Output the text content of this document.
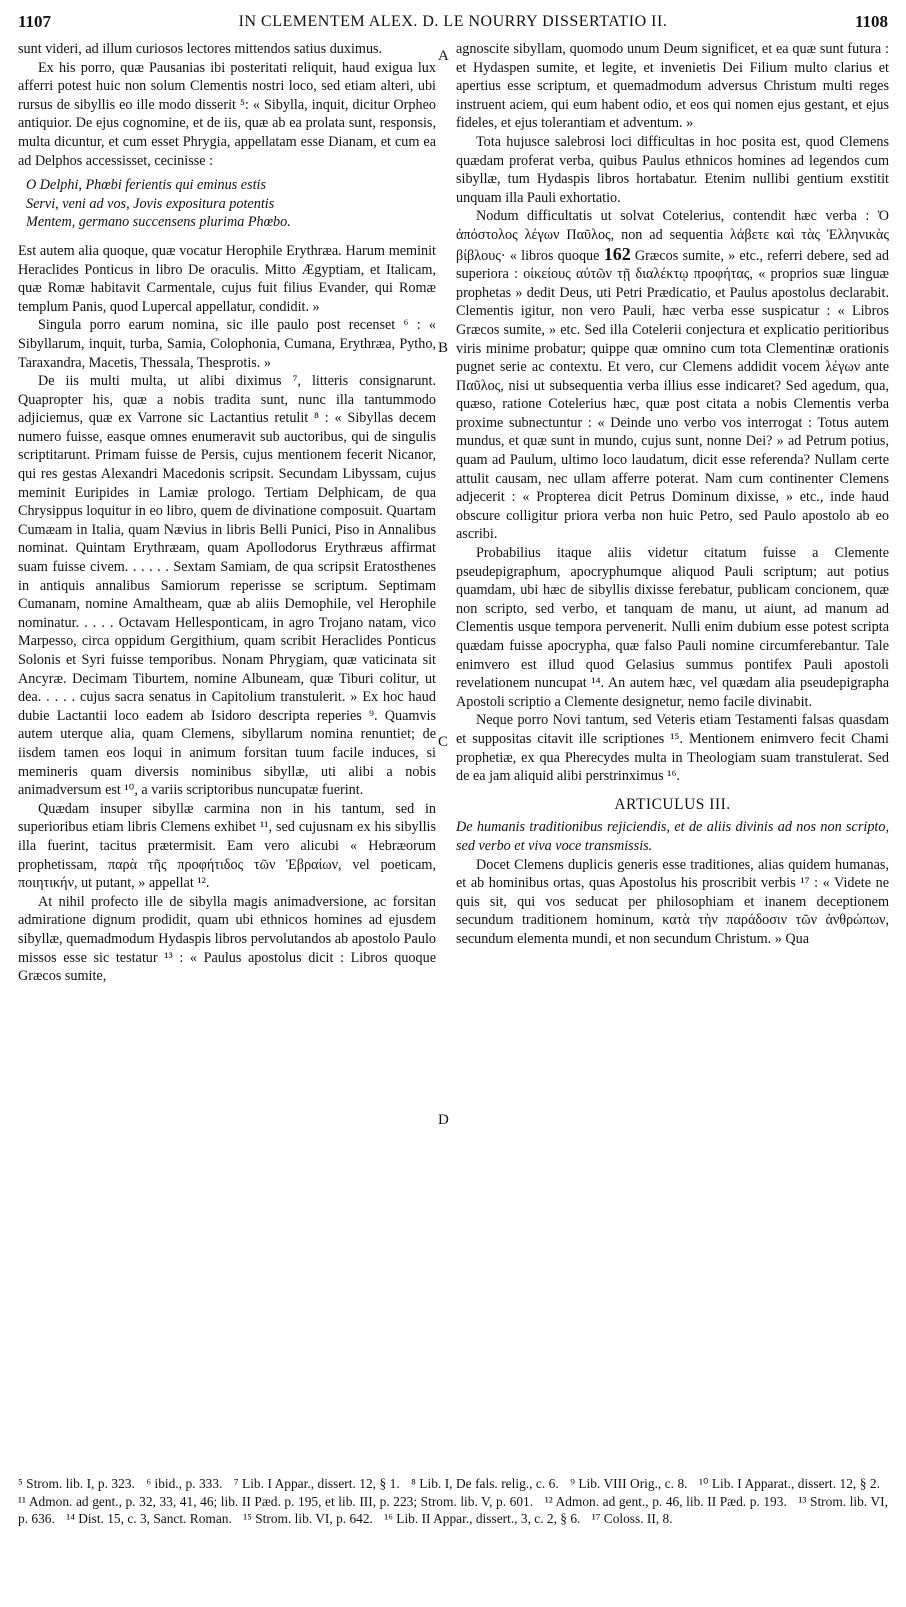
1107	IN CLEMENTEM ALEX. D. LE NOURRY DISSERTATIO II.	1108
A
B
C
D

sunt videri, ad illum curiosos lectores mittendos satius duximus.

Ex his porro, quæ Pausanias ibi posteritati reliquit, haud exigua lux afferri potest huic non solum Clementis nostri loco, sed etiam alteri, ubi rursus de sibyllis eo ille modo disserit ⁵: « Sibylla, inquit, dicitur Orpheo antiquior. De ejus cognomine, et de iis, quæ ab ea prolata sunt, responsis, multa dicuntur, et cum esset Phrygia, appellatam esse Dianam, et cum ea ad Delphos accessisset, cecinisse :

O Delphi, Phœbi ferientis qui eminus estis
Servi, veni ad vos, Jovis expositura potentis
Mentem, germano succensens plurima Phœbo.

Est autem alia quoque, quæ vocatur Herophile Erythræa. Harum meminit Heraclides Ponticus in libro De oraculis. Mitto Ægyptiam, et Italicam, quæ Romæ habitavit Carmentale, cujus fuit filius Evander, qui Romæ templum Panis, quod Lupercal appellatur, condidit. »

Singula porro earum nomina, sic ille paulo post recenset ⁶ : « Sibyllarum, inquit, turba, Samia, Colophonia, Cumana, Erythræa, Pytho, Taraxandra, Macetis, Thessala, Thesprotis. »

De iis multi multa, ut alibi diximus ⁷, litteris consignarunt. Quapropter his, quæ a nobis tradita sunt, nunc illa tantummodo adjiciemus, quæ ex Varrone sic Lactantius retulit ⁸ : « Sibyllas decem numero fuisse, easque omnes enumeravit sub auctoribus, qui de singulis scriptitarunt. Primam fuisse de Persis, cujus mentionem fecerit Nicanor, qui res gestas Alexandri Macedonis scripsit. Secundam Libyssam, cujus meminit Euripides in Lamiæ prologo. Tertiam Delphicam, de qua Chrysippus loquitur in eo libro, quem de divinatione composuit. Quartam Cumæam in Italia, quam Nævius in libris Belli Punici, Piso in Annalibus nominat. Quintam Erythræam, quam Apollodorus Erythræus affirmat suam fuisse civem. . . . . . Sextam Samiam, de qua scripsit Eratosthenes in antiquis annalibus Samiorum reperisse se scriptum. Septimam Cumanam, nomine Amaltheam, quæ ab aliis Demophile, vel Herophile nominatur. . . . . Octavam Hellesponticam, in agro Trojano natam, vico Marpesso, circa oppidum Gergithium, quam scribit Heraclides Ponticus Solonis et Syri fuisse temporibus. Nonam Phrygiam, quæ vaticinata sit Ancyræ. Decimam Tiburtem, nomine Albuneam, quæ Tiburi colitur, ut dea. . . . . cujus sacra senatus in Capitolium transtulerit. » Ex hoc haud dubie Lactantii loco eadem ab Isidoro descripta reperies ⁹. Quamvis autem uterque alia, quam Clemens, sibyllarum nomina renuntiet; de iisdem tamen eos loqui in animum forsitan tuum facile induces, si memineris quam diversis nominibus sibyllæ, uti alibi a nobis animadversum est ¹⁰, a variis scriptoribus nuncupatæ fuerint.

Quædam insuper sibyllæ carmina non in his tantum, sed in superioribus etiam libris Clemens exhibet ¹¹, sed cujusnam ex his sibyllis illa fuerint, tacitus prætermisit. Eam vero alicubi « Hebræorum prophetissam, παρὰ τῆς προφήτιδος τῶν Ἑβραίων, vel poeticam, ποιητικήν, ut putant, » appellat ¹².

At nihil profecto ille de sibylla magis animadversione, ac forsitan admiratione dignum prodidit, quam ubi ethnicos homines ad ejusdem sibyllæ, quemadmodum Hydaspis libros pervolutandos ab apostolo Paulo missos esse sic testatur ¹³ : « Paulus apostolus dicit : Libros quoque Græcos sumite,

agnoscite sibyllam, quomodo unum Deum significet, et ea quæ sunt futura : et Hydaspen sumite, et legite, et invenietis Dei Filium multo clarius et apertius esse scriptum, et quemadmodum adversus Christum multi reges instruent aciem, qui eum habent odio, et eos qui nomen ejus gestant, et ejus fideles, et ejus tolerantiam et adventum. »

Tota hujusce salebrosi loci difficultas in hoc posita est, quod Clemens quædam proferat verba, quibus Paulus ethnicos homines ad legendos cum sibyllæ, tum Hydaspis libros hortabatur. Etenim nullibi gentium exstitit unquam illa Pauli exhortatio.

Nodum difficultatis ut solvat Cotelerius, contendit hæc verba : Ὁ ἀπόστολος λέγων Παῦλος, non ad sequentia λάβετε καὶ τὰς Ἑλληνικὰς βίβλους· « libros quoque 162 Græcos sumite, » etc., referri debere, sed ad superiora : οἰκείους αὐτῶν τῇ διαλέκτῳ προφήτας, « proprios suæ linguæ prophetas » dedit Deus, uti Petri Prædicatio, et Paulus apostolus declarabit. Clementis igitur, non vero Pauli, hæc verba esse suspicatur : « Libros Græcos sumite, » etc. Sed illa Cotelerii conjectura et explicatio peritioribus viris minime probatur; quippe quæ omnino cum tota Clementinæ orationis pugnet serie ac contextu. Et vero, cur Clemens addidit vocem λέγων ante Παῦλος, nisi ut subsequentia verba illius esse indicaret? Sed agedum, qua, quæso, ratione Cotelerius hæc, quæ post citata a nobis Clementis verba proxime subnectuntur : « Deinde uno verbo vos interrogat : Totus autem mundus, et quæ sunt in mundo, cujus sunt, nonne Dei? » ad Petrum potius, quam ad Paulum, ultimo loco laudatum, dicit esse referenda? Nullam certe attulit causam, nec ullam afferre poterat. Nam cum continenter Clemens adjecerit : « Propterea dicit Petrus Dominum dixisse, » etc., inde haud obscure colligitur priora verba non huic Petro, sed Paulo apostolo ab eo ascribi.

Probabilius itaque aliis videtur citatum fuisse a Clemente pseudepigraphum, apocryphumque aliquod Pauli scriptum; aut potius quamdam, ubi hæc de sibyllis dixisse ferebatur, publicam concionem, quæ non scripto, sed verbo, et tanquam de manu, ut aiunt, ad manum ad Clementis usque tempora pervenerit. Nulli enim dubium esse potest scripta quædam fuisse apocrypha, quæ falso Pauli nomine circumferebantur. Tale enimvero est illud quod Gelasius summus pontifex Pauli apostoli revelationem nuncupat ¹⁴. An autem hæc, vel quædam alia pseudepigrapha Apostoli scriptio a Clemente designetur, nemo facile divinabit.

Neque porro Novi tantum, sed Veteris etiam Testamenti falsas quasdam et suppositas citavit ille scriptiones ¹⁵. Mentionem enimvero fecit Chami prophetiæ, ex qua Pherecydes multa in Theologiam suam transtulerat. Sed de ea jam aliquid alibi perstrinximus ¹⁶.

ARTICULUS III.

De humanis traditionibus rejiciendis, et de aliis divinis ad nos non scripto, sed verbo et viva voce transmissis.

Docet Clemens duplicis generis esse traditiones, alias quidem humanas, et ab hominibus ortas, quas Apostolus his proscribit verbis ¹⁷ : « Videte ne quis sit, qui vos seducat per philosophiam et inanem deceptionem secundum traditionem hominum, κατὰ τὴν παράδοσιν τῶν ἀνθρώπων, secundum elementa mundi, et non secundum Christum. » Qua

⁵ Strom. lib. I, p. 323. ⁶ ibid., p. 333. ⁷ Lib. I Appar., dissert. 12, § 1. ⁸ Lib. I, De fals. relig., c. 6. ⁹ Lib. VIII Orig., c. 8. ¹⁰ Lib. I Apparat., dissert. 12, § 2. ¹¹ Admon. ad gent., p. 32, 33, 41, 46; lib. II Pæd. p. 195, et lib. III, p. 223; Strom. lib. V, p. 601. ¹² Admon. ad gent., p. 46, lib. II Pæd. p. 193. ¹³ Strom. lib. VI, p. 636. ¹⁴ Dist. 15, c. 3, Sanct. Roman. ¹⁵ Strom. lib. VI, p. 642. ¹⁶ Lib. II Appar., dissert., 3, c. 2, § 6. ¹⁷ Coloss. II, 8.
